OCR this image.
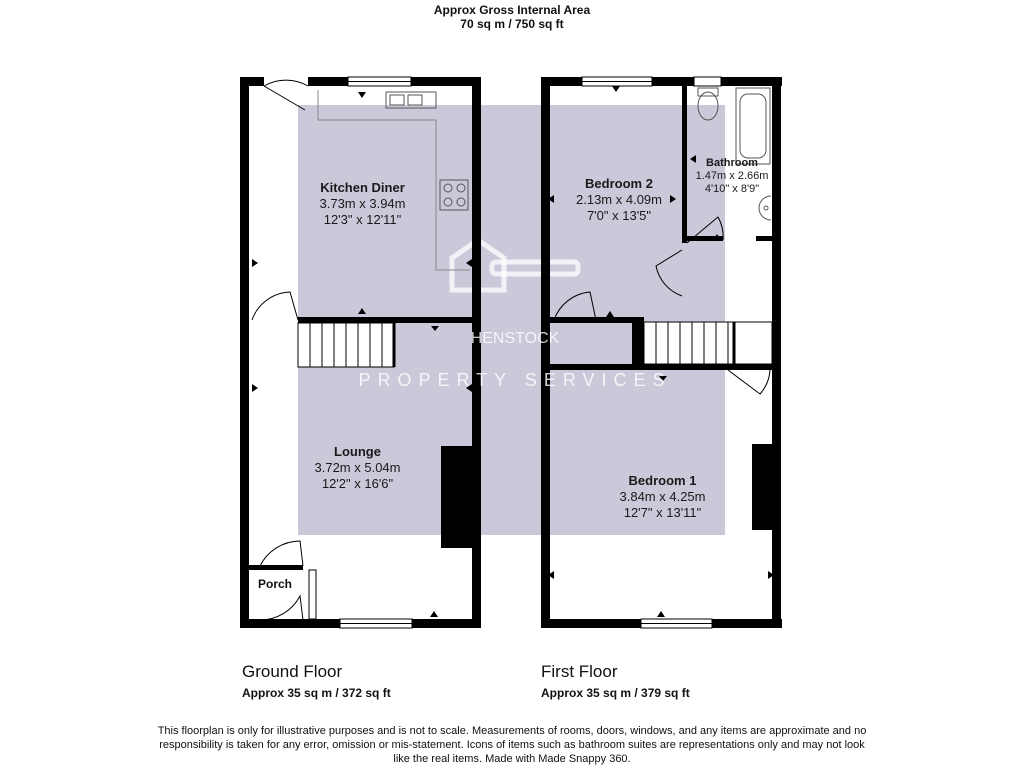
Approx Gross Internal Area
70 sq m / 750 sq ft
HENSTOCK
PROPERTY SERVICES
Kitchen Diner
3.73m x 3.94m
12'3" x 12'11"
Lounge
3.72m x 5.04m
12'2" x 16'6"
Porch
Bedroom 2
2.13m x 4.09m
7'0" x 13'5"
Bathroom
1.47m x 2.66m
4'10" x 8'9"
Bedroom 1
3.84m x 4.25m
12'7" x 13'11"
Ground Floor
Approx 35 sq m / 372 sq ft
First Floor
Approx 35 sq m / 379 sq ft
This floorplan is only for illustrative purposes and is not to scale. Measurements of rooms, doors, windows, and any items are approximate and no responsibility is taken for any error, omission or mis-statement. Icons of items such as bathroom suites are representations only and may not look like the real items. Made with Made Snappy 360.
